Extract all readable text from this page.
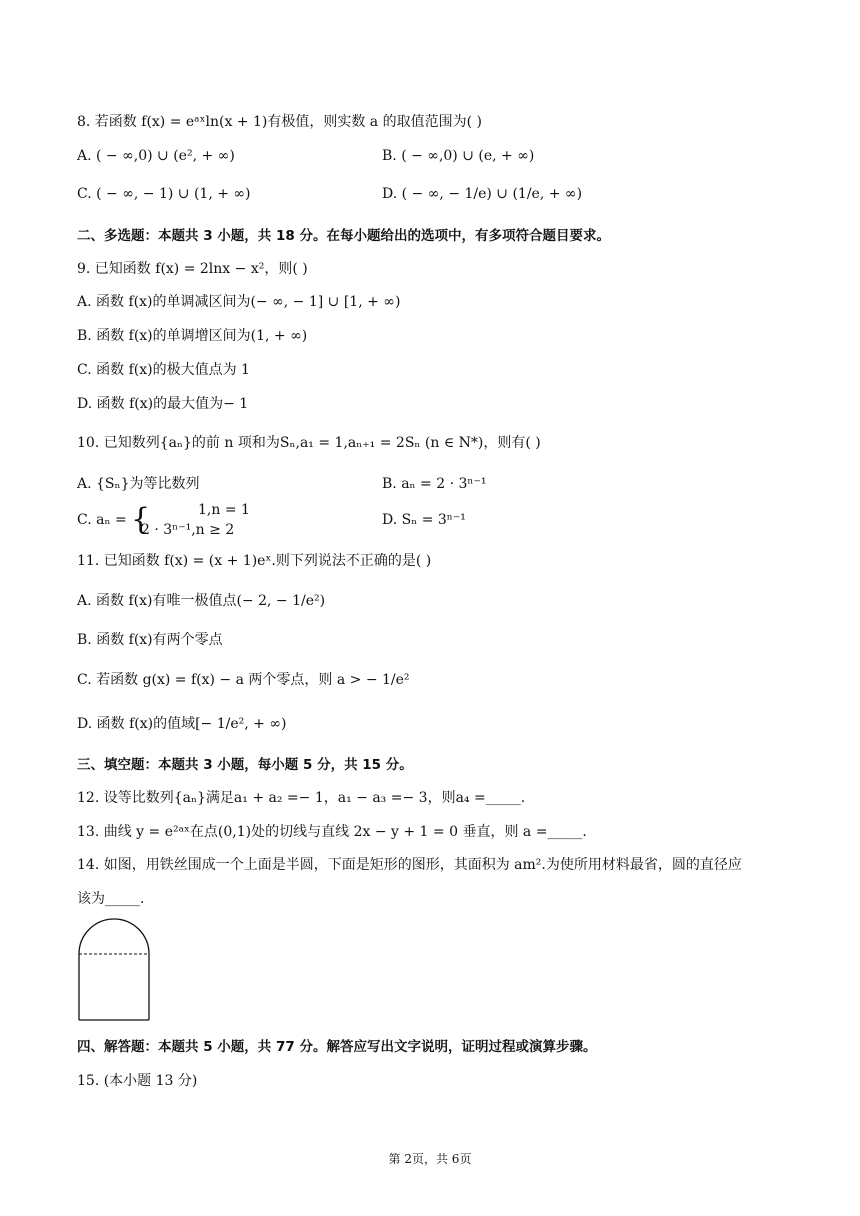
8. 若函数 f(x) = eᵃˣln(x + 1)有极值，则实数 a 的取值范围为( )
A. ( − ∞,0) ∪ (e², + ∞)	B. ( − ∞,0) ∪ (e, + ∞)
C. ( − ∞, − 1) ∪ (1, + ∞)	D. ( − ∞, − 1/e) ∪ (1/e, + ∞)
二、多选题：本题共 3 小题，共 18 分。在每小题给出的选项中，有多项符合题目要求。
9. 已知函数 f(x) = 2lnx − x²，则( )
A. 函数 f(x)的单调减区间为(− ∞, − 1] ∪ [1, + ∞)
B. 函数 f(x)的单调增区间为(1, + ∞)
C. 函数 f(x)的极大值点为 1
D. 函数 f(x)的最大值为− 1
10. 已知数列{aₙ}的前 n 项和为Sₙ,a₁ = 1,aₙ₊₁ = 2Sₙ (n ∈ N*)，则有( )
A. {Sₙ}为等比数列	B. aₙ = 2 · 3ⁿ⁻¹
C. aₙ = {	1,n = 1
2 · 3ⁿ⁻¹,n ≥ 2
D. Sₙ = 3ⁿ⁻¹
11. 已知函数 f(x) = (x + 1)eˣ.则下列说法不正确的是( )
A. 函数 f(x)有唯一极值点(− 2, − 1/e²)
B. 函数 f(x)有两个零点
C. 若函数 g(x) = f(x) − a 两个零点，则 a > − 1/e²
D. 函数 f(x)的值域[− 1/e², + ∞)
三、填空题：本题共 3 小题，每小题 5 分，共 15 分。
12. 设等比数列{aₙ}满足a₁ + a₂ =− 1，a₁ − a₃ =− 3，则a₄ =_____.
13. 曲线 y = e²ᵃˣ在点(0,1)处的切线与直线 2x − y + 1 = 0 垂直，则 a =_____.
14. 如图，用铁丝围成一个上面是半圆，下面是矩形的图形，其面积为 am².为使所用材料最省，圆的直径应
该为_____.
四、解答题：本题共 5 小题，共 77 分。解答应写出文字说明，证明过程或演算步骤。
15. (本小题 13 分)
第 2页，共 6页
